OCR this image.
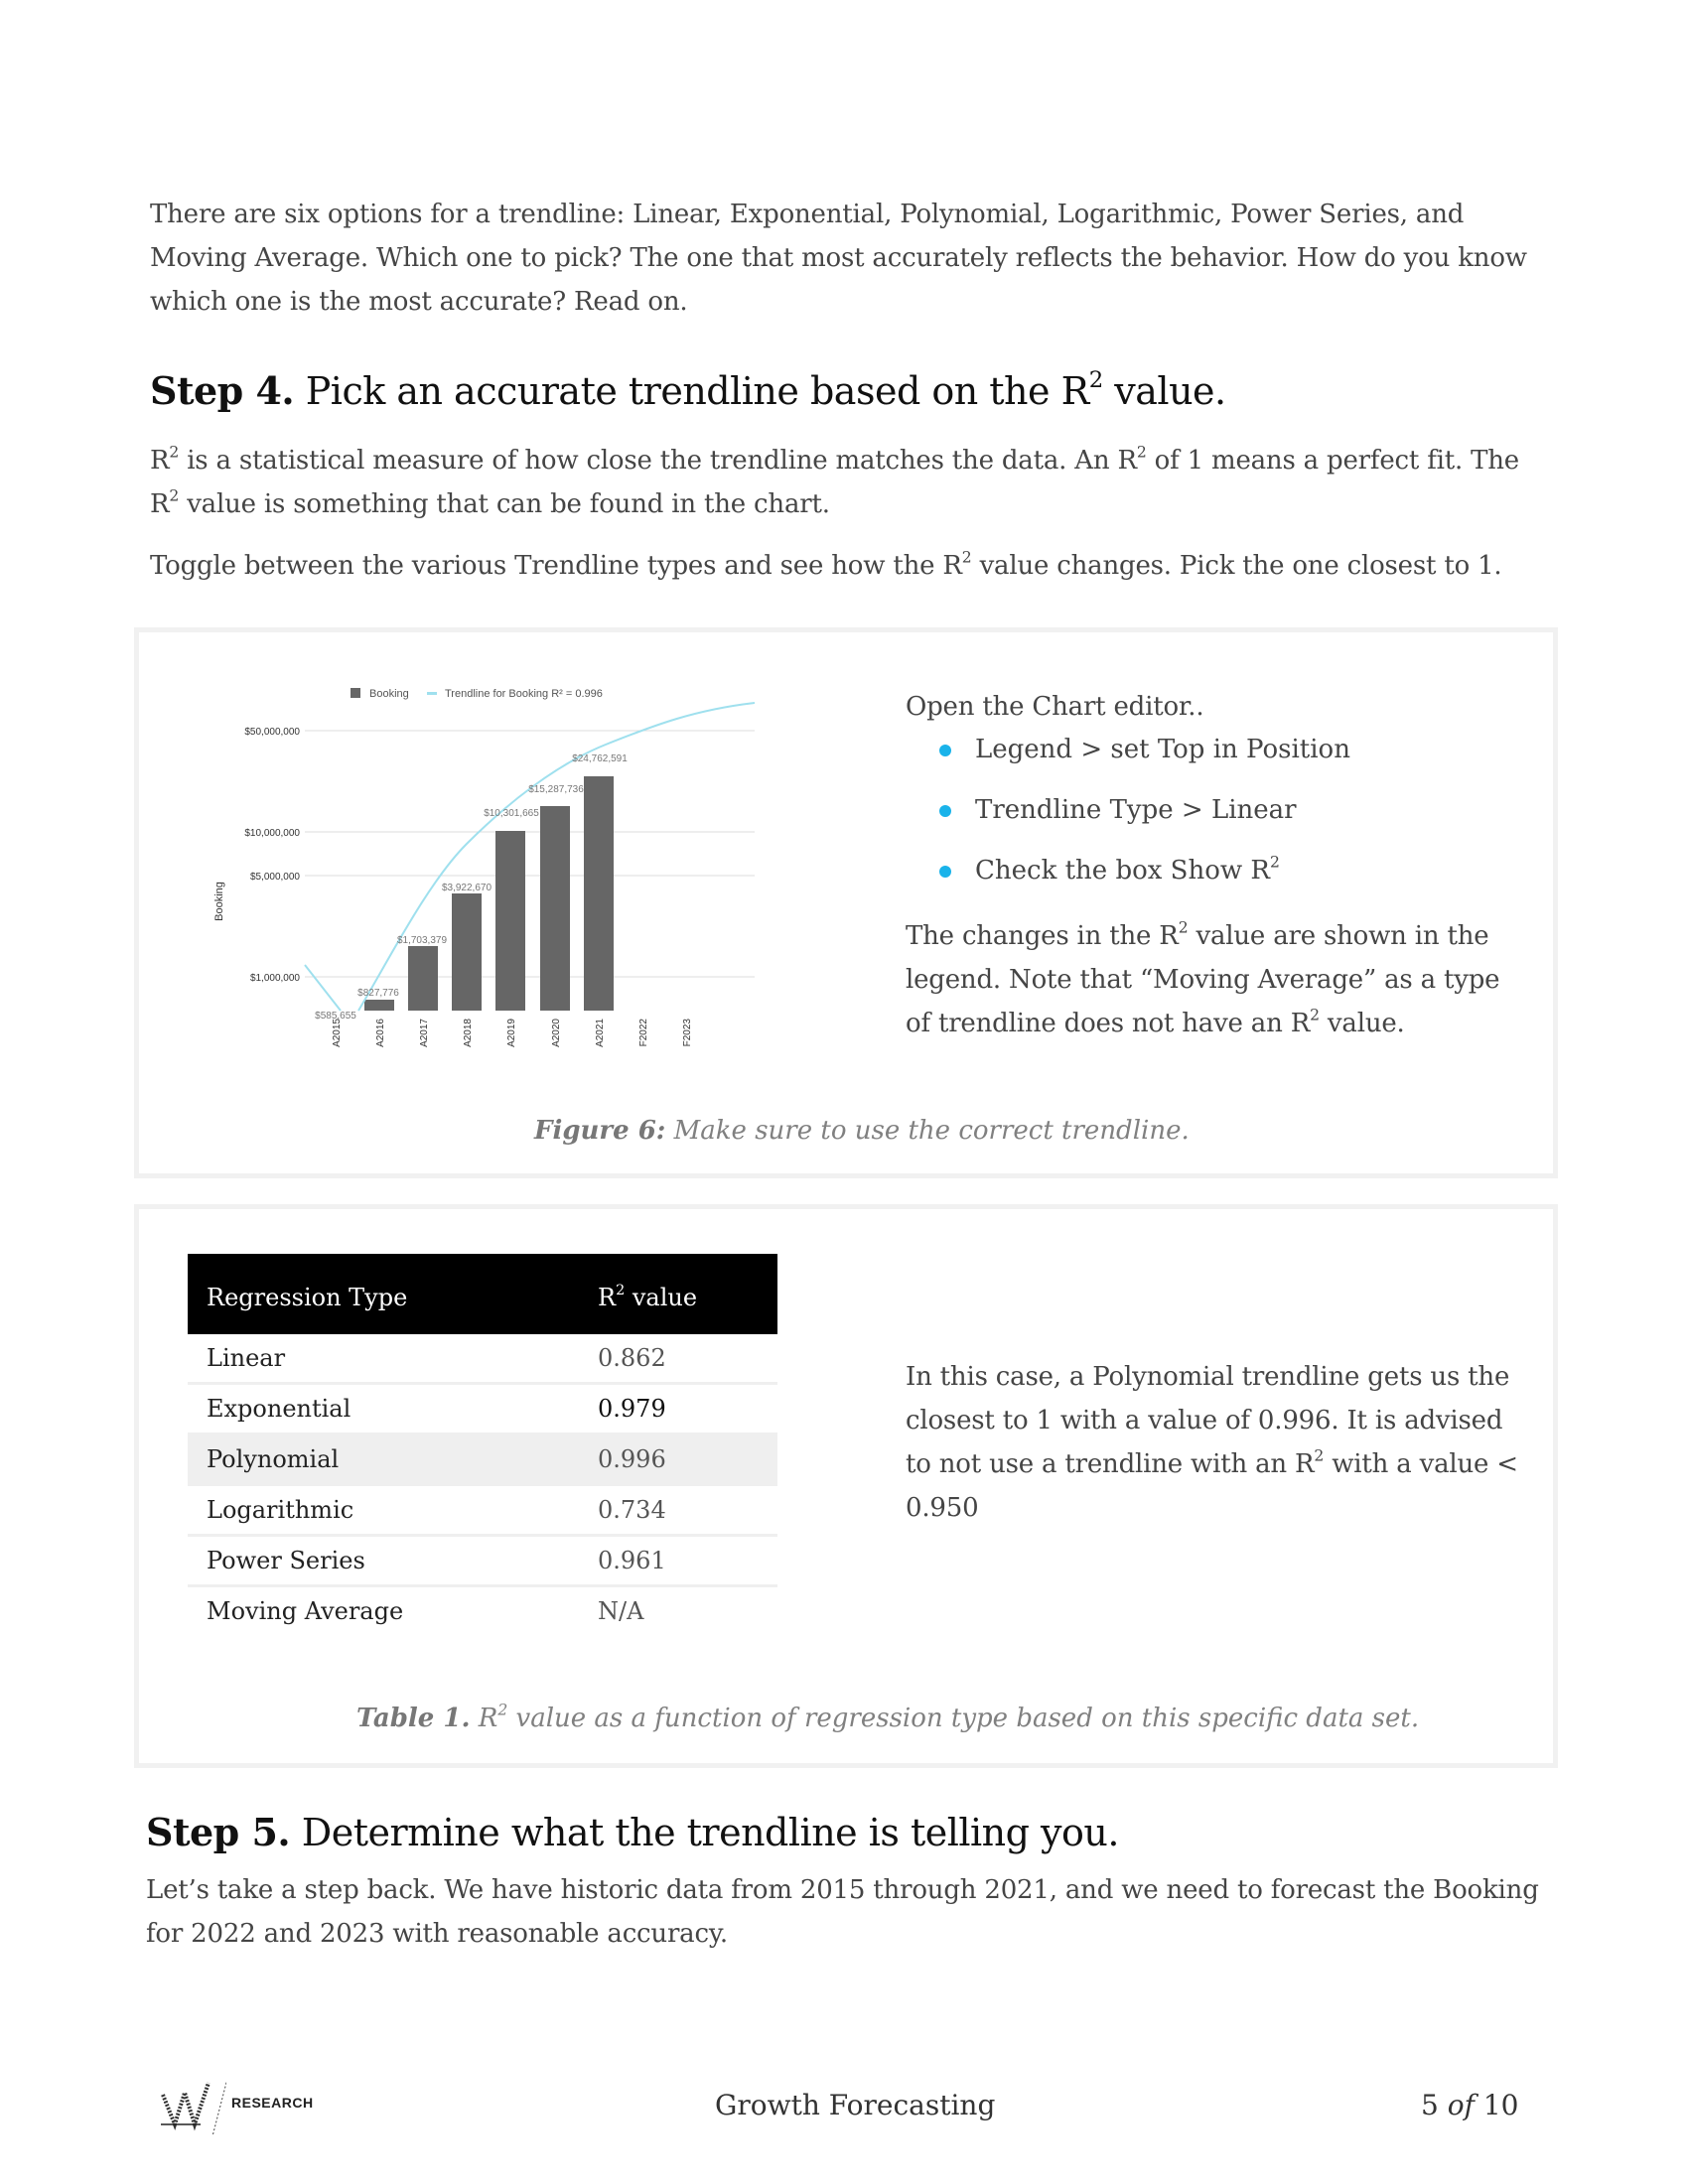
There are six options for a trendline: Linear, Exponential, Polynomial, Logarithmic, Power Series, and Moving Average. Which one to pick? The one that most accurately reflects the behavior. How do you know which one is the most accurate? Read on.
Step 4. Pick an accurate trendline based on the $R^2$ value.
$R^2$ is a statistical measure of how close the trendline matches the data. An $R^2$ of 1 means a perfect fit. The $R^2$ value is something that can be found in the chart.
Toggle between the various Trendline types and see how the $R^2$ value changes. Pick the one closest to 1.
Booking	Trendline for Booking R² = 0.996
$50,000,000
$10,000,000
$5,000,000
$1,000,000
Booking
$585,655
$827,776
$1,703,379
$3,922,670
$10,301,665
$15,287,736
$24,762,591
A2015	A2016	A2017	A2018	A2019	A2020	A2021	F2022	F2023
Open the Chart editor..
Legend > set Top in Position
Trendline Type > Linear
Check the box Show $R^2$
The changes in the $R^2$ value are shown in the legend. Note that “Moving Average” as a type of trendline does not have an $R^2$ value.
Figure 6: Make sure to use the correct trendline.
Regression Type	$R^2$ value
Linear	0.862
Exponential	0.979
Polynomial	0.996
Logarithmic	0.734
Power Series	0.961
Moving Average	N/A
In this case, a Polynomial trendline gets us the closest to 1 with a value of 0.996. It is advised to not use a trendline with an $R^2$ with a value < 0.950
Table 1. $R^2$ value as a function of regression type based on this specific data set.
Step 5. Determine what the trendline is telling you.
Let’s take a step back. We have historic data from 2015 through 2021, and we need to forecast the Booking for 2022 and 2023 with reasonable accuracy.
RESEARCH	Growth Forecasting	5 of 10
